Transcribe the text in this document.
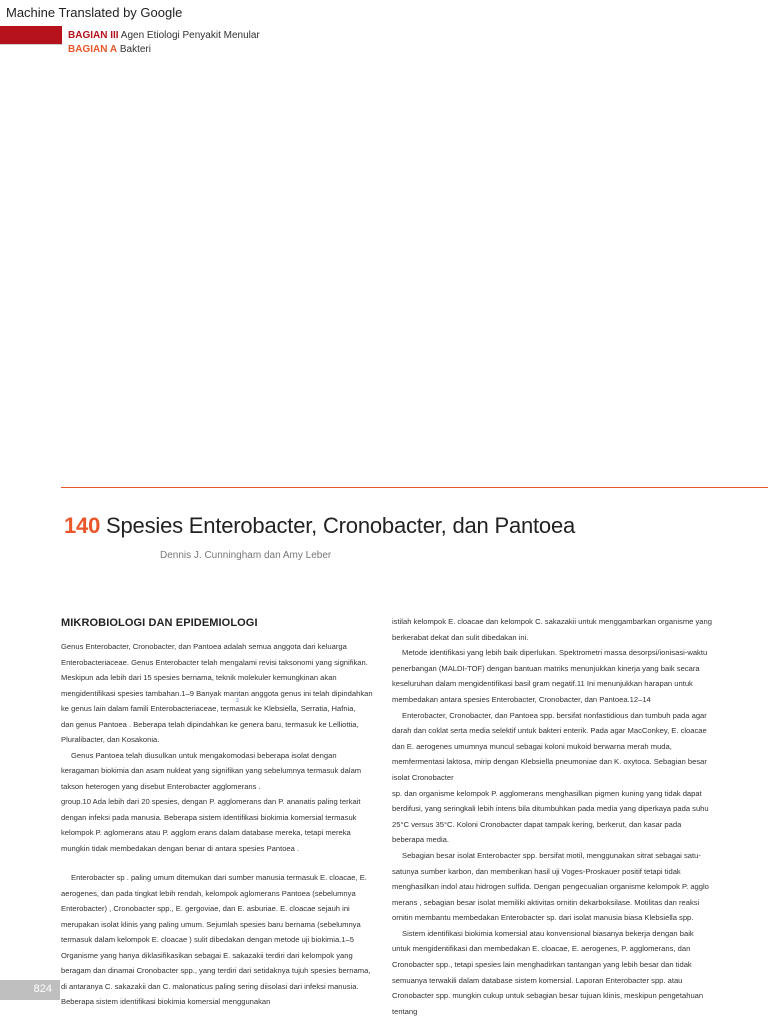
Machine Translated by Google
BAGIAN III Agen Etiologi Penyakit Menular
BAGIAN A Bakteri
140 Spesies Enterobacter, Cronobacter, dan Pantoea
Dennis J. Cunningham dan Amy Leber
MIKROBIOLOGI DAN EPIDEMIOLOGI

Genus Enterobacter, Cronobacter, dan Pantoea adalah semua anggota dari keluarga Enterobacteriaceae. Genus Enterobacter telah mengalami revisi taksonomi yang signifikan. Meskipun ada lebih dari 15 spesies bernama, teknik molekuler kemungkinan akan mengidentifikasi spesies tambahan.1–9 Banyak mantan anggota genus ini telah dipindahkan ke genus lain dalam famili Enterobacteriaceae, termasuk ke Klebsiella, Serratia, Hafnia,

dan genus Pantoea . Beberapa telah dipindahkan ke genera baru, termasuk ke Lelliottia, Pluralibacter, dan Kosakonia.

Genus Pantoea telah diusulkan untuk mengakomodasi beberapa isolat dengan keragaman biokimia dan asam nukleat yang signifikan yang sebelumnya termasuk dalam takson heterogen yang disebut Enterobacter agglomerans .

group.10 Ada lebih dari 20 spesies, dengan P. agglomerans dan P. ananatis paling terkait dengan infeksi pada manusia. Beberapa sistem identifikasi biokimia komersial termasuk kelompok P. aglomerans atau P. agglom erans dalam database mereka, tetapi mereka mungkin tidak membedakan dengan benar di antara spesies Pantoea .

Enterobacter sp . paling umum ditemukan dari sumber manusia termasuk E. cloacae, E. aerogenes, dan pada tingkat lebih rendah, kelompok aglomerans Pantoea (sebelumnya Enterobacter) , Cronobacter spp., E. gergoviae, dan E. asburiae. E. cloacae sejauh ini merupakan isolat klinis yang paling umum. Sejumlah spesies baru bernama (sebelumnya termasuk dalam kelompok E. cloacae ) sulit dibedakan dengan metode uji biokimia.1–5 Organisme yang hanya diklasifikasikan sebagai E. sakazakii terdiri dari kelompok yang beragam dan dinamai Cronobacter spp., yang terdiri dari setidaknya tujuh spesies bernama, di antaranya C. sakazakii dan C. malonaticus paling sering diisolasi dari infeksi manusia. Beberapa sistem identifikasi biokimia komersial menggunakan

2

istilah kelompok E. cloacae dan kelompok C. sakazakii untuk menggambarkan organisme yang berkerabat dekat dan sulit dibedakan ini.

Metode identifikasi yang lebih baik diperlukan. Spektrometri massa desorpsi/ionisasi-waktu penerbangan (MALDI-TOF) dengan bantuan matriks menunjukkan kinerja yang baik secara keseluruhan dalam mengidentifikasi basil gram negatif.11 Ini menunjukkan harapan untuk membedakan antara spesies Enterobacter, Cronobacter, dan Pantoea.12–14

Enterobacter, Cronobacter, dan Pantoea spp. bersifat nonfastidious dan tumbuh pada agar darah dan coklat serta media selektif untuk bakteri enterik. Pada agar MacConkey, E. cloacae dan E. aerogenes umumnya muncul sebagai koloni mukoid berwarna merah muda, memfermentasi laktosa, mirip dengan Klebsiella pneumoniae dan K. oxytoca. Sebagian besar isolat Cronobacter

sp. dan organisme kelompok P. agglomerans menghasilkan pigmen kuning yang tidak dapat berdifusi, yang seringkali lebih intens bila ditumbuhkan pada media yang diperkaya pada suhu 25°C versus 35°C. Koloni Cronobacter dapat tampak kering, berkerut, dan kasar pada beberapa media.

Sebagian besar isolat Enterobacter spp. bersifat motil, menggunakan sitrat sebagai satu-satunya sumber karbon, dan memberikan hasil uji Voges-Proskauer positif tetapi tidak menghasilkan indol atau hidrogen sulfida. Dengan pengecualian organisme kelompok P. agglo merans , sebagian besar isolat memiliki aktivitas ornitin dekarboksilase. Motilitas dan reaksi ornitin membantu membedakan Enterobacter sp. dari isolat manusia biasa Klebsiella spp.

Sistem identifikasi biokimia komersial atau konvensional biasanya bekerja dengan baik untuk mengidentifikasi dan membedakan E. cloacae, E. aerogenes, P. agglomerans, dan Cronobacter spp., tetapi spesies lain menghadirkan tantangan yang lebih besar dan tidak semuanya terwakili dalam database sistem komersial. Laporan Enterobacter spp. atau Cronobacter spp. mungkin cukup untuk sebagian besar tujuan klinis, meskipun pengetahuan tentang

824
